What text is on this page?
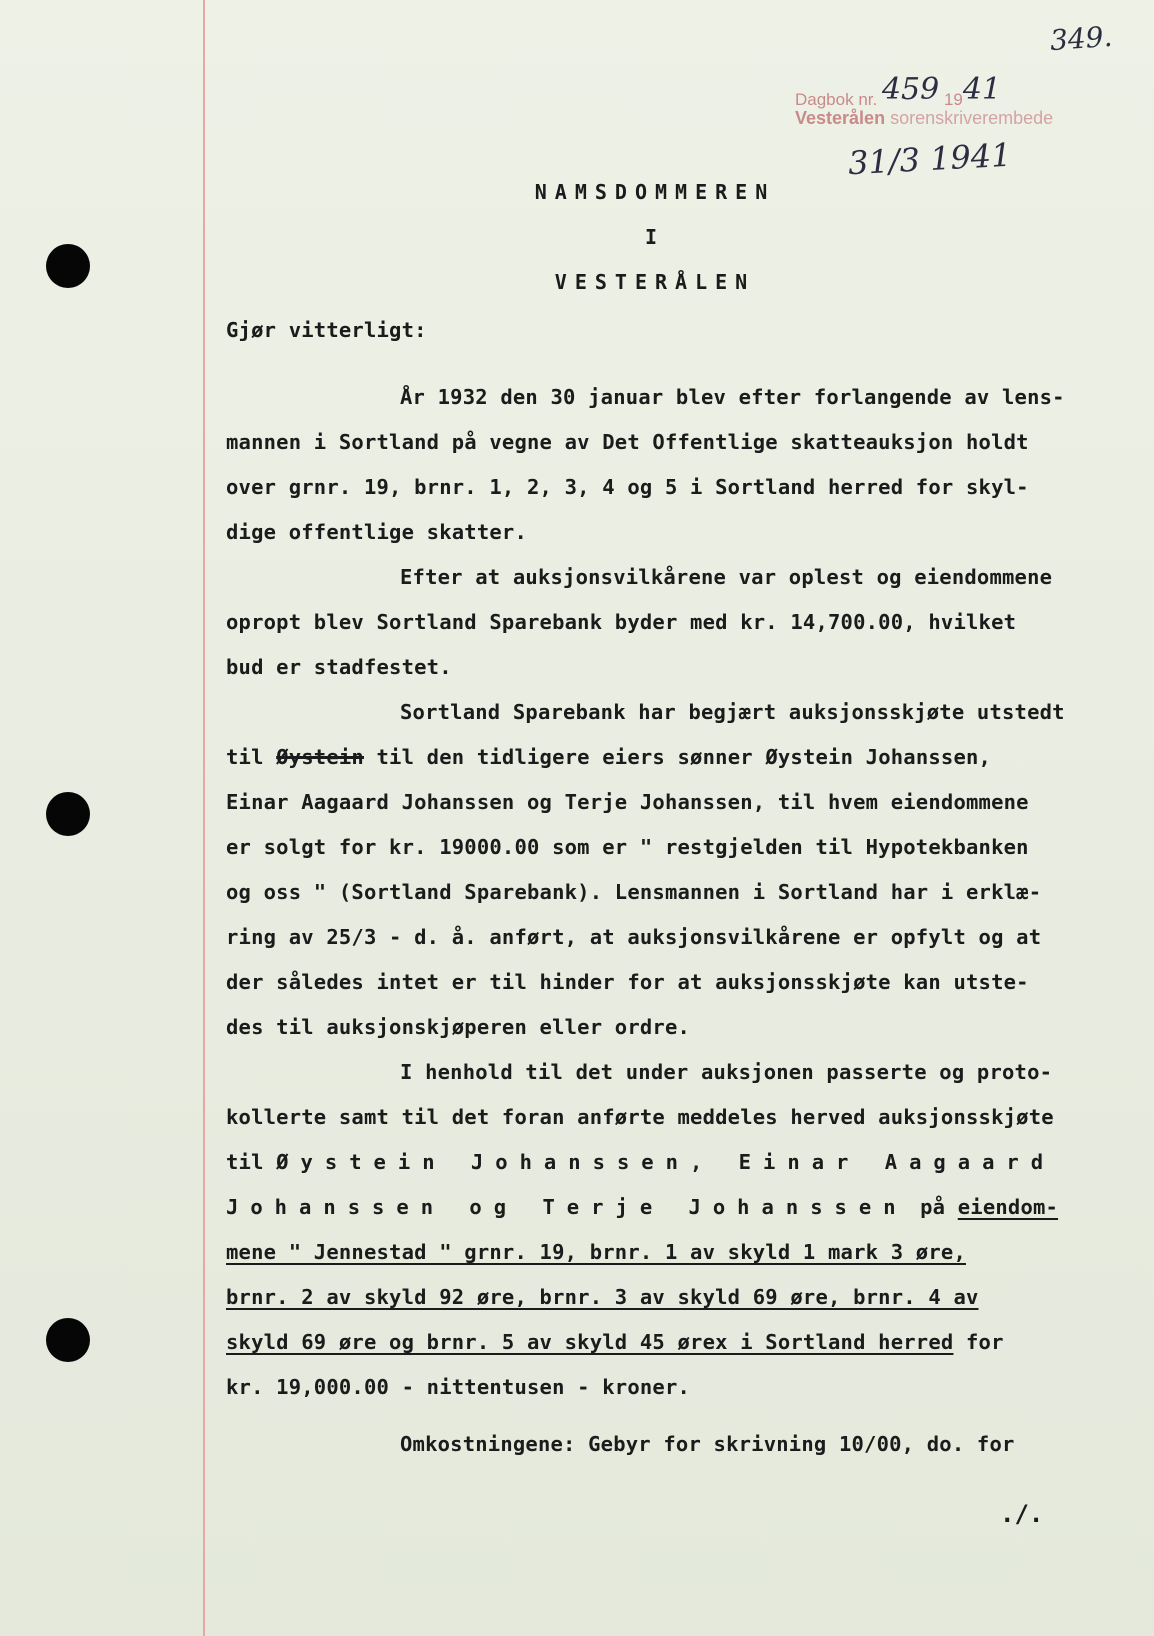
349.
Dagbok nr. 459 1941
Vesterålen sorenskriverembede
31/3 1941
NAMSDOMMEREN
I
VESTERÅLEN
Gjør vitterligt:
År 1932 den 30 januar blev efter forlangende av lens-
mannen i Sortland på vegne av Det Offentlige skatteauksjon holdt
over grnr. 19, brnr. 1, 2, 3, 4 og 5 i Sortland herred for skyl-
dige offentlige skatter.
Efter at auksjonsvilkårene var oplest og eiendommene
opropt blev Sortland Sparebank byder med kr. 14,700.00, hvilket
bud er stadfestet.
Sortland Sparebank har begjært auksjonsskjøte utstedt
til Øystein til den tidligere eiers sønner Øystein Johanssen,
Einar Aagaard Johanssen og Terje Johanssen, til hvem eiendommene
er solgt for kr. 19000.00 som er " restgjelden til Hypotekbanken
og oss " (Sortland Sparebank). Lensmannen i Sortland har i erklæ-
ring av 25/3 - d. å. anført, at auksjonsvilkårene er opfylt og at
der således intet er til hinder for at auksjonsskjøte kan utste-
des til auksjonskjøperen eller ordre.
I henhold til det under auksjonen passerte og proto-
kollerte samt til det foran anførte meddeles herved auksjonsskjøte
til Øystein Johanssen, Einar Aagaard
Johanssen og Terje Johanssen på eiendom-
mene " Jennestad " grnr. 19, brnr. 1 av skyld 1 mark 3 øre,
brnr. 2 av skyld 92 øre, brnr. 3 av skyld 69 øre, brnr. 4 av
skyld 69 øre og brnr. 5 av skyld 45 ørex i Sortland herred for
kr. 19,000.00 - nittentusen - kroner.
Omkostningene: Gebyr for skrivning 10/00, do. for
./.
